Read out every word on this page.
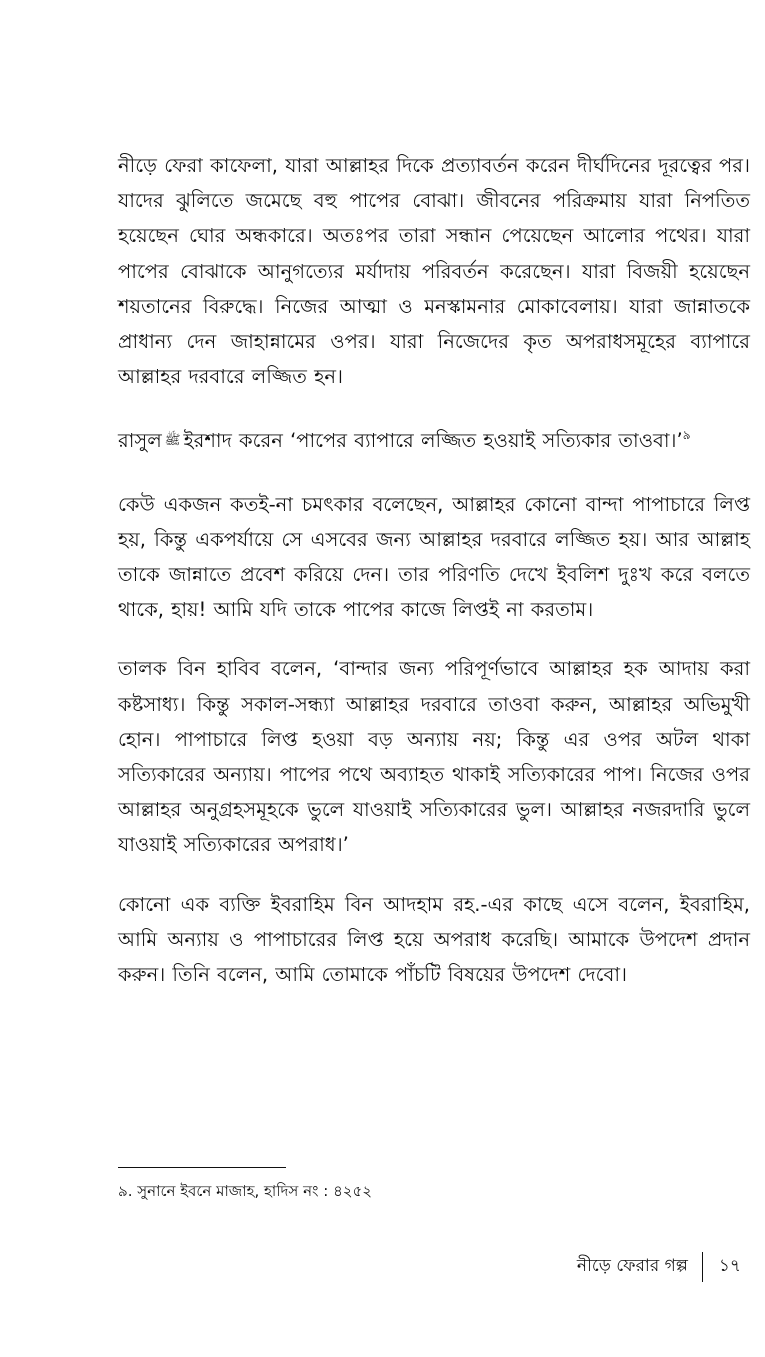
নীড়ে ফেরা কাফেলা, যারা আল্লাহর দিকে প্রত্যাবর্তন করেন দীর্ঘদিনের দূরত্বের পর। যাদের ঝুলিতে জমেছে বহু পাপের বোঝা। জীবনের পরিক্রমায় যারা নিপতিত হয়েছেন ঘোর অন্ধকারে। অতঃপর তারা সন্ধান পেয়েছেন আলোর পথের। যারা পাপের বোঝাকে আনুগত্যের মর্যাদায় পরিবর্তন করেছেন। যারা বিজয়ী হয়েছেন শয়তানের বিরুদ্ধে। নিজের আত্মা ও মনস্কামনার মোকাবেলায়। যারা জান্নাতকে প্রাধান্য দেন জাহান্নামের ওপর। যারা নিজেদের কৃত অপরাধসমূহের ব্যাপারে আল্লাহর দরবারে লজ্জিত হন।

রাসুল ﷺ ইরশাদ করেন ‘পাপের ব্যাপারে লজ্জিত হওয়াই সত্যিকার তাওবা।’$^৯$

কেউ একজন কতই-না চমৎকার বলেছেন, আল্লাহর কোনো বান্দা পাপাচারে লিপ্ত হয়, কিন্তু একপর্যায়ে সে এসবের জন্য আল্লাহর দরবারে লজ্জিত হয়। আর আল্লাহ তাকে জান্নাতে প্রবেশ করিয়ে দেন। তার পরিণতি দেখে ইবলিশ দুঃখ করে বলতে থাকে, হায়! আমি যদি তাকে পাপের কাজে লিপ্তই না করতাম।

তালক বিন হাবিব বলেন, ‘বান্দার জন্য পরিপূর্ণভাবে আল্লাহর হক আদায় করা কষ্টসাধ্য। কিন্তু সকাল-সন্ধ্যা আল্লাহর দরবারে তাওবা করুন, আল্লাহর অভিমুখী হোন। পাপাচারে লিপ্ত হওয়া বড় অন্যায় নয়; কিন্তু এর ওপর অটল থাকা সত্যিকারের অন্যায়। পাপের পথে অব্যাহত থাকাই সত্যিকারের পাপ। নিজের ওপর আল্লাহর অনুগ্রহসমূহকে ভুলে যাওয়াই সত্যিকারের ভুল। আল্লাহর নজরদারি ভুলে যাওয়াই সত্যিকারের অপরাধ।’

কোনো এক ব্যক্তি ইবরাহিম বিন আদহাম রহ.-এর কাছে এসে বলেন, ইবরাহিম, আমি অন্যায় ও পাপাচারের লিপ্ত হয়ে অপরাধ করেছি। আমাকে উপদেশ প্রদান করুন। তিনি বলেন, আমি তোমাকে পাঁচটি বিষয়ের উপদেশ দেবো।

৯. সুনানে ইবনে মাজাহ, হাদিস নং : ৪২৫২
নীড়ে ফেরার গল্প ১৭
